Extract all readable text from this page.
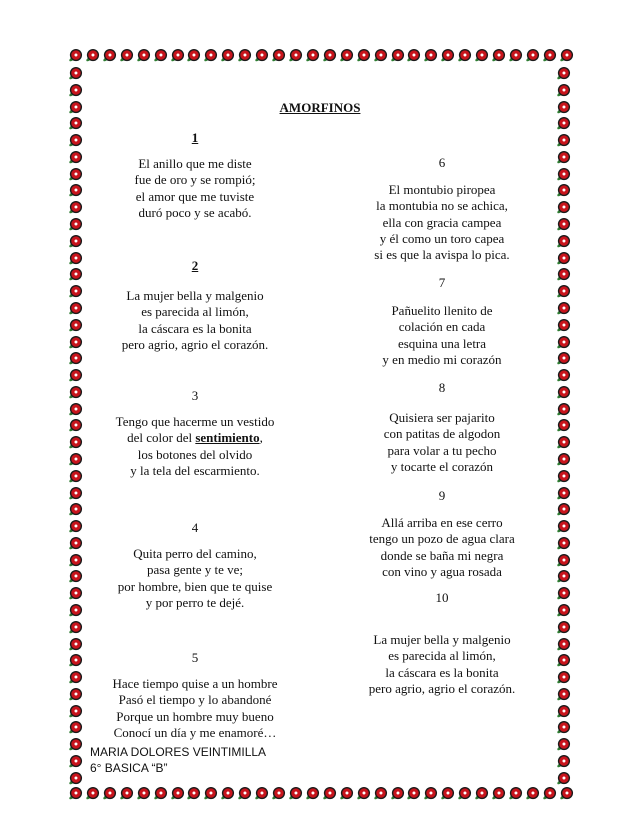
AMORFINOS
1
El anillo que me diste
fue de oro y se rompió;
el amor que me tuviste
duró poco y se acabó.
2
La mujer bella y malgenio
es parecida al limón,
la cáscara es la bonita
pero agrio, agrio el corazón.
3
Tengo que hacerme un vestido
del color del sentimiento,
los botones del olvido
y la tela del escarmiento.
4
Quita perro del camino,
pasa gente y te ve;
por hombre, bien que te quise
y por perro te dejé.
5
Hace tiempo quise a un hombre
Pasó el tiempo y lo abandoné
Porque un hombre muy bueno
Conocí un día y me enamoré…
6
El montubio piropea
la montubia no se achica,
ella con gracia campea
y él como un toro capea
si es que la avispa lo pica.
7
Pañuelito llenito de
colación en cada
esquina una letra
y en medio mi corazón
8
Quisiera ser pajarito
con patitas de algodon
para volar a tu pecho
y tocarte el corazón
9
Allá arriba en ese cerro
tengo un pozo de agua clara
donde se baña mi negra
con vino y agua rosada
10
La mujer bella y malgenio
es parecida al limón,
la cáscara es la bonita
pero agrio, agrio el corazón.
MARIA DOLORES VEINTIMILLA
6° BASICA “B”
